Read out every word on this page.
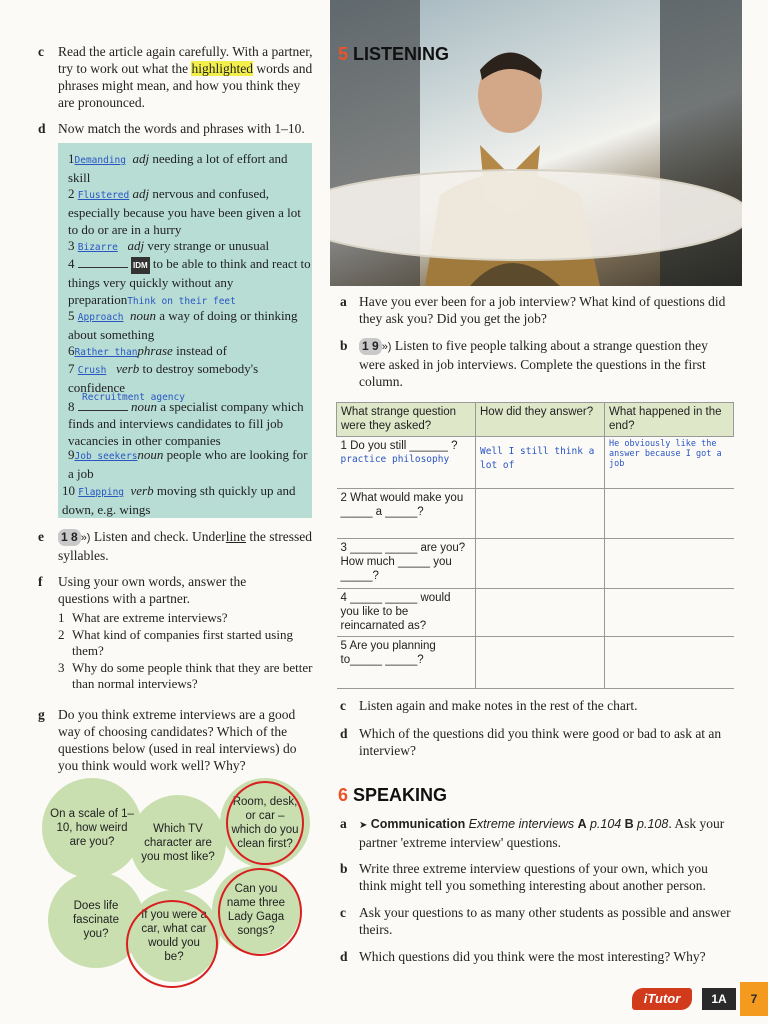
c Read the article again carefully. With a partner, try to work out what the highlighted words and phrases might mean, and how you think they are pronounced.
d Now match the words and phrases with 1–10.
1Demanding adj needing a lot of effort and skill
2 Flustered adj nervous and confused, especially because you have been given a lot to do or are in a hurry
3 Bizarre adj very strange or unusual
4	IDM to be able to think and react to things very quickly without any preparationThink on their feet
5 Approach noun a way of doing or thinking about something
6Rather thanphrase instead of
7 Crush verb to destroy somebody's confidence
Recruitment agency
8	noun a specialist company which finds and interviews candidates to fill job vacancies in other companies
9Job seekersnoun people who are looking for a job
10 Flapping verb moving sth quickly up and down, e.g. wings
e 1 8 ») Listen and check. Underline the stressed syllables.
f Using your own words, answer the questions with a partner.
1 What are extreme interviews?
2 What kind of companies first started using them?
3 Why do some people think that they are better than normal interviews?
g Do you think extreme interviews are a good way of choosing candidates? Which of the questions below (used in real interviews) do you think would work well? Why?
On a scale of 1–10, how weird are you?
Which TV character are you most like?
Room, desk, or car – which do you clean first?
Does life fascinate you?
If you were a car, what car would you be?
Can you name three Lady Gaga songs?
5 LISTENING
a Have you ever been for a job interview? What kind of questions did they ask you? Did you get the job?
b 1 9 ») Listen to five people talking about a strange question they were asked in job interviews. Complete the questions in the first column.
What strange question were they asked?	How did they answer?	What happened in the end?

1 Do you still ______ ?
practice philosophy	Well I still think a lot of	He obviously like the answer because I got a job
2 What would make you _____ a _____?		
3 _____ _____ are you? How much _____ you _____?		
4 _____ _____ would you like to be reincarnated as?		
5 Are you planning to_____ _____?		
c Listen again and make notes in the rest of the chart.
d Which of the questions did you think were good or bad to ask at an interview?
6 SPEAKING
a ➤ Communication Extreme interviews A p.104 B p.108. Ask your partner 'extreme interview' questions.
b Write three extreme interview questions of your own, which you think might tell you something interesting about another person.
c Ask your questions to as many other students as possible and answer theirs.
d Which questions did you think were the most interesting? Why?
iTutor	1A	7
